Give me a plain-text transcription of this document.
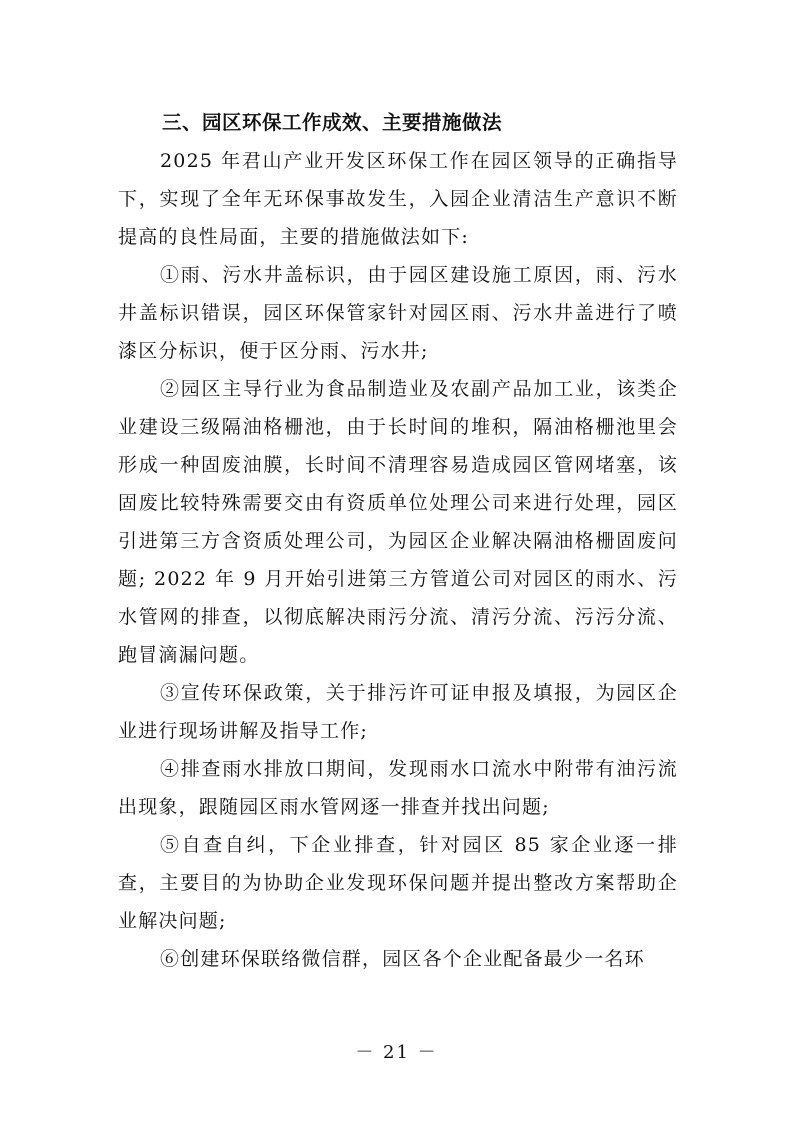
三、园区环保工作成效、主要措施做法

2025 年君山产业开发区环保工作在园区领导的正确指导下，实现了全年无环保事故发生，入园企业清洁生产意识不断提高的良性局面，主要的措施做法如下:

①雨、污水井盖标识，由于园区建设施工原因，雨、污水井盖标识错误，园区环保管家针对园区雨、污水井盖进行了喷漆区分标识，便于区分雨、污水井;

②园区主导行业为食品制造业及农副产品加工业，该类企业建设三级隔油格栅池，由于长时间的堆积，隔油格栅池里会形成一种固废油膜，长时间不清理容易造成园区管网堵塞，该固废比较特殊需要交由有资质单位处理公司来进行处理，园区引进第三方含资质处理公司，为园区企业解决隔油格栅固废问题; 2022 年 9 月开始引进第三方管道公司对园区的雨水、污水管网的排查，以彻底解决雨污分流、清污分流、污污分流、跑冒滴漏问题。

③宣传环保政策，关于排污许可证申报及填报，为园区企业进行现场讲解及指导工作;

④排查雨水排放口期间，发现雨水口流水中附带有油污流出现象，跟随园区雨水管网逐一排查并找出问题;

⑤自查自纠，下企业排查，针对园区 85 家企业逐一排查，主要目的为协助企业发现环保问题并提出整改方案帮助企业解决问题;

⑥创建环保联络微信群，园区各个企业配备最少一名环

－ 21 －
